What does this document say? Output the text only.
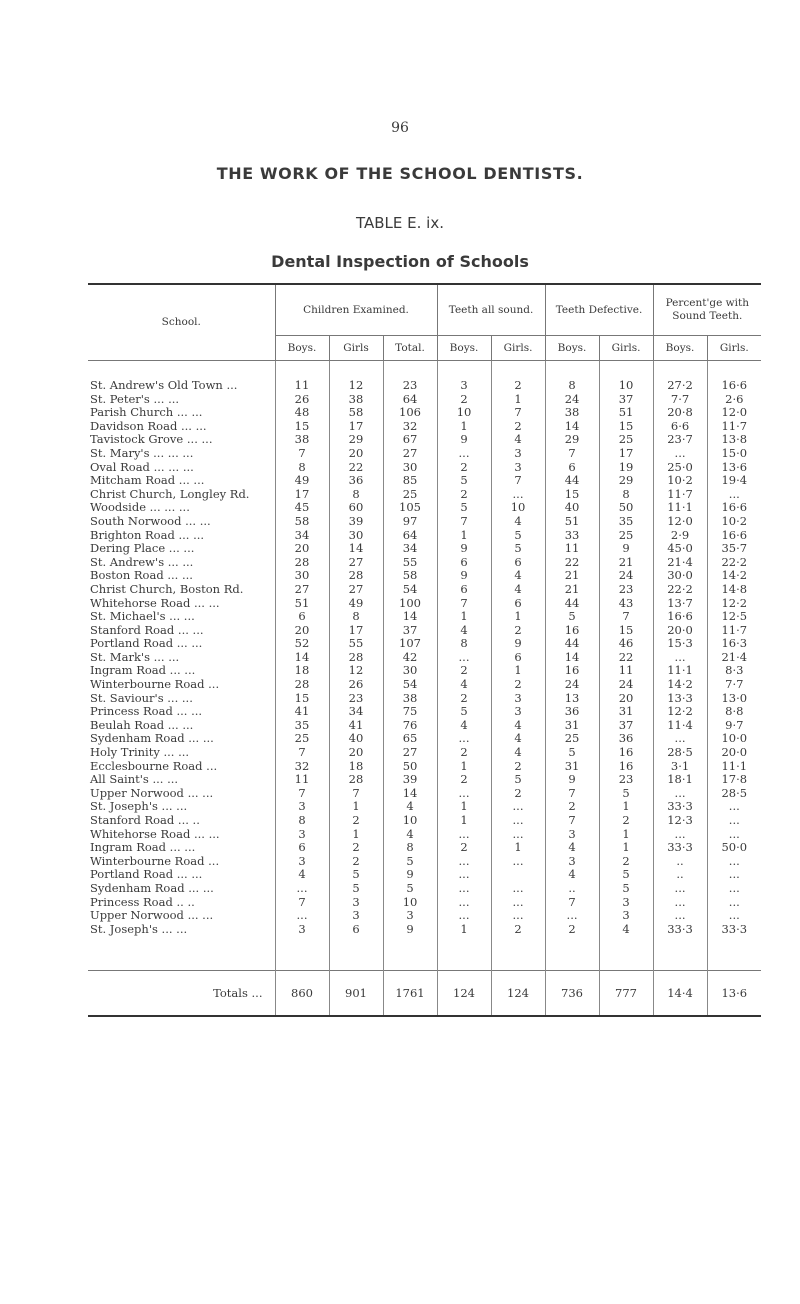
96
THE WORK OF THE SCHOOL DENTISTS.
TABLE E. ix.
Dental Inspection of Schools
School.	Children Examined.			Teeth all sound.		Teeth Defective.		Percent'ge with Sound Teeth.	
	Boys.	Girls	Total.	Boys.	Girls.	Boys.	Girls.	Boys.	Girls.

St. Andrew's Old Town ...	11	12	23	3	2	8	10	27·2	16·6
St. Peter's ... ...	26	38	64	2	1	24	37	7·7	2·6
Parish Church ... ...	48	58	106	10	7	38	51	20·8	12·0
Davidson Road ... ...	15	17	32	1	2	14	15	6·6	11·7
Tavistock Grove ... ...	38	29	67	9	4	29	25	23·7	13·8
St. Mary's ... ... ...	7	20	27	...	3	7	17	...	15·0
Oval Road ... ... ...	8	22	30	2	3	6	19	25·0	13·6
Mitcham Road ... ...	49	36	85	5	7	44	29	10·2	19·4
Christ Church, Longley Rd.	17	8	25	2	...	15	8	11·7	...
Woodside ... ... ...	45	60	105	5	10	40	50	11·1	16·6
South Norwood ... ...	58	39	97	7	4	51	35	12·0	10·2
Brighton Road ... ...	34	30	64	1	5	33	25	2·9	16·6
Dering Place ... ...	20	14	34	9	5	11	9	45·0	35·7
St. Andrew's ... ...	28	27	55	6	6	22	21	21·4	22·2
Boston Road ... ...	30	28	58	9	4	21	24	30·0	14·2
Christ Church, Boston Rd.	27	27	54	6	4	21	23	22·2	14·8
Whitehorse Road ... ...	51	49	100	7	6	44	43	13·7	12·2
St. Michael's ... ...	6	8	14	1	1	5	7	16·6	12·5
Stanford Road ... ...	20	17	37	4	2	16	15	20·0	11·7
Portland Road ... ...	52	55	107	8	9	44	46	15·3	16·3
St. Mark's ... ...	14	28	42	...	6	14	22	...	21·4
Ingram Road ... ...	18	12	30	2	1	16	11	11·1	8·3
Winterbourne Road ...	28	26	54	4	2	24	24	14·2	7·7
St. Saviour's ... ...	15	23	38	2	3	13	20	13·3	13·0
Princess Road ... ...	41	34	75	5	3	36	31	12·2	8·8
Beulah Road ... ...	35	41	76	4	4	31	37	11·4	9·7
Sydenham Road ... ...	25	40	65	...	4	25	36	...	10·0
Holy Trinity ... ...	7	20	27	2	4	5	16	28·5	20·0
Ecclesbourne Road ...	32	18	50	1	2	31	16	3·1	11·1
All Saint's ... ...	11	28	39	2	5	9	23	18·1	17·8
Upper Norwood ... ...	7	7	14	...	2	7	5	...	28·5
St. Joseph's ... ...	3	1	4	1	...	2	1	33·3	...
Stanford Road ... ..	8	2	10	1	...	7	2	12·3	...
Whitehorse Road ... ...	3	1	4	...	...	3	1	...	...
Ingram Road ... ...	6	2	8	2	1	4	1	33·3	50·0
Winterbourne Road ...	3	2	5	...	...	3	2	..	...
Portland Road ... ...	4	5	9	...		4	5	..	...
Sydenham Road ... ...	...	5	5	...	...	..	5	...	...
Princess Road .. ..	7	3	10	...	...	7	3	...	...
Upper Norwood ... ...	...	3	3	...	...	...	3	...	...
St. Joseph's ... ...	3	6	9	1	2	2	4	33·3	33·3

Totals ...	860	901	1761	124	124	736	777	14·4	13·6
